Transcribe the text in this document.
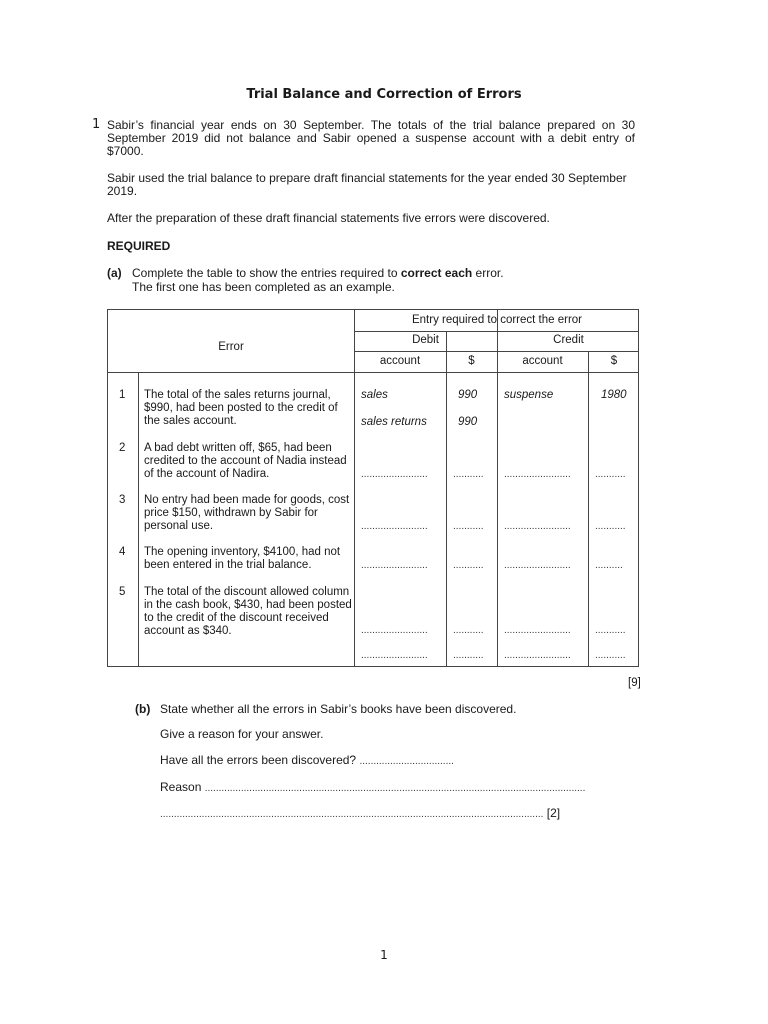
Trial Balance and Correction of Errors
1 Sabir’s financial year ends on 30 September. The totals of the trial balance prepared on 30 September 2019 did not balance and Sabir opened a suspense account with a debit entry of $7000.
Sabir used the trial balance to prepare draft financial statements for the year ended 30 September 2019.
After the preparation of these draft financial statements five errors were discovered.
REQUIRED
(a) Complete the table to show the entries required to correct each error.
The first one has been completed as an example.
Entry required to correct the error
Error
Debit	Credit
account	$	account	$
1 The total of the sales returns journal, $990, had been posted to the credit of the sales account.
sales	990 suspense	1980
sales returns	990
2 A bad debt written off, $65, had been credited to the account of Nadia instead of the account of Nadira.	........................	........... ........................ ...........
3 No entry had been made for goods, cost price $150, withdrawn by Sabir for personal use.	........................	........... ........................ ...........
4 The opening inventory, $4100, had not been entered in the trial balance.	........................	........... ........................ ..........
5 The total of the discount allowed column in the cash book, $430, had been posted to the credit of the discount received account as $340.	........................	........... ........................ ...........
........................	........... ........................ ...........
[9]
(b) State whether all the errors in Sabir’s books have been discovered.
Give a reason for your answer.
Have all the errors been discovered? ..................................
Reason .........................................................................................................................................
.......................................................................................................................................... [2]
1
